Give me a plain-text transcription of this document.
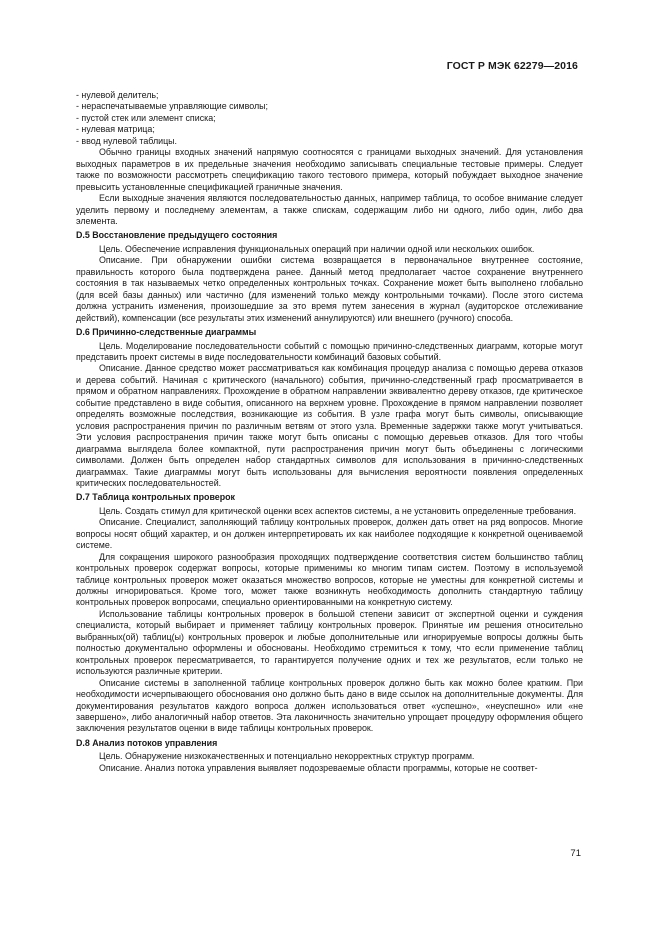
ГОСТ Р МЭК 62279—2016

- нулевой делитель;

- нераспечатываемые управляющие символы;

- пустой стек или элемент списка;

- нулевая матрица;

- ввод нулевой таблицы.

Обычно границы входных значений напрямую соотносятся с границами выходных значений. Для установления выходных параметров в их предельные значения необходимо записывать специальные тестовые примеры. Следует также по возможности рассмотреть спецификацию такого тестового примера, который побуждает выходное значение превысить установленные спецификацией граничные значения.

Если выходные значения являются последовательностью данных, например таблица, то особое внимание следует уделить первому и последнему элементам, а также спискам, содержащим либо ни одного, либо один, либо два элемента.

D.5 Восстановление предыдущего состояния

Цель. Обеспечение исправления функциональных операций при наличии одной или нескольких ошибок.

Описание. При обнаружении ошибки система возвращается в первоначальное внутреннее состояние, правильность которого была подтверждена ранее. Данный метод предполагает частое сохранение внутреннего состояния в так называемых четко определенных контрольных точках. Сохранение может быть выполнено глобально (для всей базы данных) или частично (для изменений только между контрольными точками). После этого система должна устранить изменения, произошедшие за это время путем занесения в журнал (аудиторское отслеживание действий), компенсации (все результаты этих изменений аннулируются) или внешнего (ручного) способа.

D.6 Причинно-следственные диаграммы

Цель. Моделирование последовательности событий с помощью причинно-следственных диаграмм, которые могут представить проект системы в виде последовательности комбинаций базовых событий.

Описание. Данное средство может рассматриваться как комбинация процедур анализа с помощью дерева отказов и дерева событий. Начиная с критического (начального) события, причинно-следственный граф просматривается в прямом и обратном направлениях. Прохождение в обратном направлении эквивалентно дереву отказов, где критическое событие представлено в виде события, описанного на верхнем уровне. Прохождение в прямом направлении позволяет определять возможные последствия, возникающие из события. В узле графа могут быть символы, описывающие условия распространения причин по различным ветвям от этого узла. Временные задержки также могут учитываться. Эти условия распространения причин также могут быть описаны с помощью деревьев отказов. Для того чтобы диаграмма выглядела более компактной, пути распространения причин могут быть объединены с логическими символами. Должен быть определен набор стандартных символов для использования в причинно-следственных диаграммах. Такие диаграммы могут быть использованы для вычисления вероятности появления определенных критических последовательностей.

D.7 Таблица контрольных проверок

Цель. Создать стимул для критической оценки всех аспектов системы, а не установить определенные требования.

Описание. Специалист, заполняющий таблицу контрольных проверок, должен дать ответ на ряд вопросов. Многие вопросы носят общий характер, и он должен интерпретировать их как наиболее подходящие к конкретной оцениваемой системе.

Для сокращения широкого разнообразия проходящих подтверждение соответствия систем большинство таблиц контрольных проверок содержат вопросы, которые применимы ко многим типам систем. Поэтому в используемой таблице контрольных проверок может оказаться множество вопросов, которые не уместны для конкретной системы и должны игнорироваться. Кроме того, может также возникнуть необходимость дополнить стандартную таблицу контрольных проверок вопросами, специально ориентированными на конкретную систему.

Использование таблицы контрольных проверок в большой степени зависит от экспертной оценки и суждения специалиста, который выбирает и применяет таблицу контрольных проверок. Принятые им решения относительно выбранных(ой) таблиц(ы) контрольных проверок и любые дополнительные или игнорируемые вопросы должны быть полностью документально оформлены и обоснованы. Необходимо стремиться к тому, что если применение таблиц контрольных проверок пересматривается, то гарантируется получение одних и тех же результатов, если только не используются различные критерии.

Описание системы в заполненной таблице контрольных проверок должно быть как можно более кратким. При необходимости исчерпывающего обоснования оно должно быть дано в виде ссылок на дополнительные документы. Для документирования результатов каждого вопроса должен использоваться ответ «успешно», «неуспешно» или «не завершено», либо аналогичный набор ответов. Эта лаконичность значительно упрощает процедуру оформления общего заключения результатов оценки в виде таблицы контрольных проверок.

D.8 Анализ потоков управления

Цель. Обнаружение низкокачественных и потенциально некорректных структур программ.

Описание. Анализ потока управления выявляет подозреваемые области программы, которые не соответ-

71
